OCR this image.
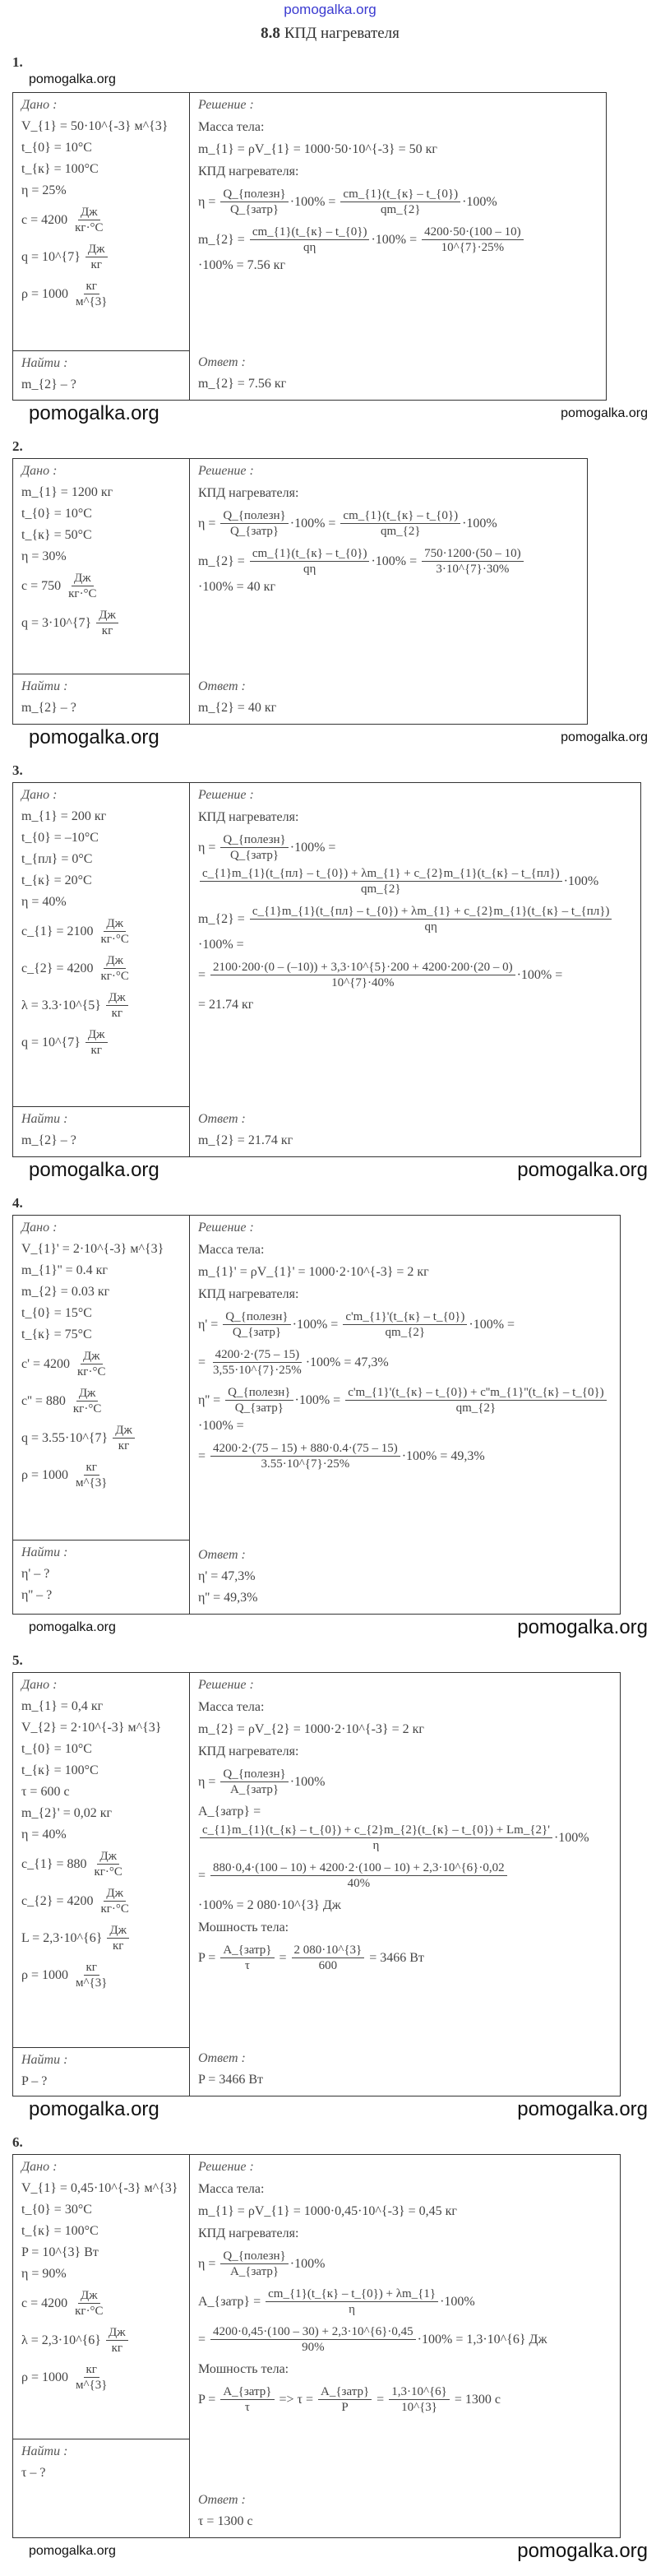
pomogalka.org
8.8 КПД нагревателя
1.
pomogalka.org
Дано :
V_{1} = 50·10^{-3} м^{3}
t_{0} = 10°C
t_{к} = 100°C
η = 25%
$c = 4200 \frac{Дж}{кг\cdot^\circ C}$
q = 10^{7} $\frac{Дж}{кг}$
$\rho = 1000 \frac{кг}{м\^{}\{3\}}$
Найти :
m_{2} – ?
Решение :
Масса тела:
m_{1} = ρV_{1} = 1000·50·10^{-3} = 50 кг
КПД нагревателя:
$\eta = \frac{\text{Q\_\{полезн\}}}{\text{Q\_\{затр\}}} \cdot 100\% = \frac{cm\_\{1\}(t\_\{к\} - t\_\{0\})}{qm\_\{2\}} \cdot 100\%$
m_{2} = $\frac{cm\_\{1\}(t\_\{к\} - t\_\{0\})}{q\eta} \cdot 100\% = \frac{4200\cdot 50\cdot(100 - 10)}{10\^{}\{7\}\cdot 25\%}$
·100% = 7.56 кг
Ответ :
m_{2} = 7.56 кг
pomogalka.org	pomogalka.org
2.
Дано :
m_{1} = 1200 кг
t_{0} = 10°C
t_{к} = 50°C
η = 30%
$c = 750 \frac{Дж}{кг\cdot^\circ C}$
q = 3·10^{7} $\frac{Дж}{кг}$
Найти :
m_{2} – ?
Решение :
КПД нагревателя:
$\eta = \frac{\text{Q\_\{полезн\}}}{\text{Q\_\{затр\}}} \cdot 100\% = \frac{cm\_\{1\}(t\_\{к\} - t\_\{0\})}{qm\_\{2\}} \cdot 100\%$
m_{2} = $\frac{cm\_\{1\}(t\_\{к\} - t\_\{0\})}{q\eta} \cdot 100\% = \frac{750\cdot 1200\cdot(50 - 10)}{3\cdot 10\^{}\{7\}\cdot 30\%}$
·100% = 40 кг
Ответ :
m_{2} = 40 кг
pomogalka.org	pomogalka.org
3.
Дано :
m_{1} = 200 кг
t_{0} = –10°C
t_{пл} = 0°C
t_{к} = 20°C
η = 40%
c_{1} = $2100 \frac{Дж}{кг\cdot^\circ C}$
c_{2} = $4200 \frac{Дж}{кг\cdot^\circ C}$
λ = 3.3·10^{5} $\frac{Дж}{кг}$
q = 10^{7} $\frac{Дж}{кг}$
Найти :
m_{2} – ?
Решение :
КПД нагревателя:
$\eta = \frac{\text{Q\_\{полезн\}}}{\text{Q\_\{затр\}}} \cdot 100\%$ =
c_{1}m_{1}(t_{пл} – t_{0}) + λm_{1} + c_{2}m_{1}(t_{к} – t_{пл})
qm_{2}
·100%
m_{2} =
c_{1}m_{1}(t_{пл} – t_{0}) + λm_{1} + c_{2}m_{1}(t_{к} – t_{пл})
qη
·100% =
= $\frac{2100\cdot 200\cdot(0 - (-10)) + 3,3\cdot 10\^{}\{5\}\cdot 200 + 4200\cdot 200\cdot(20 - 0)}{10\^{}\{7\}\cdot 40\%} \cdot 100\%$ =
= 21.74 кг
Ответ :
m_{2} = 21.74 кг
pomogalka.org	pomogalka.org
4.
Дано :
V_{1}' = 2·10^{-3} м^{3}
m_{1}'' = 0.4 кг
m_{2} = 0.03 кг
t_{0} = 15°C
t_{к} = 75°C
$c' = 4200 \frac{Дж}{кг\cdot^\circ C}$
$c'' = 880 \frac{Дж}{кг\cdot^\circ C}$
q = 3.55·10^{7} $\frac{Дж}{кг}$
$\rho = 1000 \frac{кг}{м\^{}\{3\}}$
Найти :
η' – ?
η'' – ?
Решение :
Масса тела:
m_{1}' = ρV_{1}' = 1000·2·10^{-3} = 2 кг
КПД нагревателя:
$\eta' = \frac{\text{Q\_\{полезн\}}}{\text{Q\_\{затр\}}} \cdot 100\% = \frac{c'm\_\{1\}'(t\_\{к\} - t\_\{0\})}{qm\_\{2\}} \cdot 100\%$ =
= $\frac{4200\cdot 2\cdot(75 - 15)}{3,55\cdot 10\^{}\{7\}\cdot 25\%} \cdot 100\% = 47,3\%$
$\eta'' = \frac{\text{Q\_\{полезн\}}}{\text{Q\_\{затр\}}} \cdot 100\% = \frac{c'm\_\{1\}'(t\_\{к\} - t\_\{0\}) + c''m\_\{1\}''(t\_\{к\} - t\_\{0\})}{qm\_\{2\}}$
·100% =
= $\frac{4200\cdot 2\cdot(75 - 15) + 880\cdot 0.4\cdot(75 - 15)}{3.55\cdot 10\^{}\{7\}\cdot 25\%} \cdot 100\% = 49,3\%$
Ответ :
η' = 47,3%
η'' = 49,3%
pomogalka.org	pomogalka.org
5.
Дано :
m_{1} = 0,4 кг
V_{2} = 2·10^{-3} м^{3}
t_{0} = 10°C
t_{к} = 100°C
τ = 600 с
m_{2}' = 0,02 кг
η = 40%
c_{1} = $880 \frac{Дж}{кг\cdot^\circ C}$
c_{2} = $4200 \frac{Дж}{кг\cdot^\circ C}$
L = 2,3·10^{6} $\frac{Дж}{кг}$
$\rho = 1000 \frac{кг}{м\^{}\{3\}}$
Найти :
P – ?
Решение :
Масса тела:
m_{2} = ρV_{2} = 1000·2·10^{-3} = 2 кг
КПД нагревателя:
$\eta = \frac{\text{Q\_\{полезн\}}}{\text{A\_\{затр\}}} \cdot 100\%$
A_{затр} =
c_{1}m_{1}(t_{к} – t_{0}) + c_{2}m_{2}(t_{к} – t_{0}) + Lm_{2}'
η
·100%
= $\frac{880\cdot 0,4\cdot(100 - 10) + 4200\cdot 2\cdot(100 - 10) + 2,3\cdot 10\^{}\{6\}\cdot 0,02}{40\%}$
·100% = 2 080·10^{3} Дж
Мошность тела:
$P = \frac{\text{A\_\{затр\}}}{\tau} = \frac{2 080\cdot 10\^{}\{3\}}{600} = 3466$ Вт
Ответ :
P = 3466 Вт
pomogalka.org	pomogalka.org
6.
Дано :
V_{1} = 0,45·10^{-3} м^{3}
t_{0} = 30°C
t_{к} = 100°C
P = 10^{3} Вт
η = 90%
$c = 4200 \frac{Дж}{кг\cdot^\circ C}$
λ = 2,3·10^{6} $\frac{Дж}{кг}$
$\rho = 1000 \frac{кг}{м\^{}\{3\}}$
Найти :
τ – ?
Решение :
Масса тела:
m_{1} = ρV_{1} = 1000·0,45·10^{-3} = 0,45 кг
КПД нагревателя:
$\eta = \frac{\text{Q\_\{полезн\}}}{\text{A\_\{затр\}}} \cdot 100\%$
A_{затр} = $\frac{cm\_\{1\}(t\_\{к\} - t\_\{0\}) + \lambda m\_\{1\}}{\eta} \cdot 100\%$
= $\frac{4200\cdot 0,45\cdot(100 - 30) + 2,3\cdot 10\^{}\{6\}\cdot 0,45}{90\%} \cdot 100\%$ = 1,3·10^{6} Дж
Мошность тела:
$P = \frac{\text{A\_\{затр\}}}{\tau} => \tau = \frac{\text{A\_\{затр\}}}{P} = \frac{1,3\cdot 10\^{}\{6\}}{10\^{}\{3\}} = 1300$ с
Ответ :
τ = 1300 с
pomogalka.org	pomogalka.org
